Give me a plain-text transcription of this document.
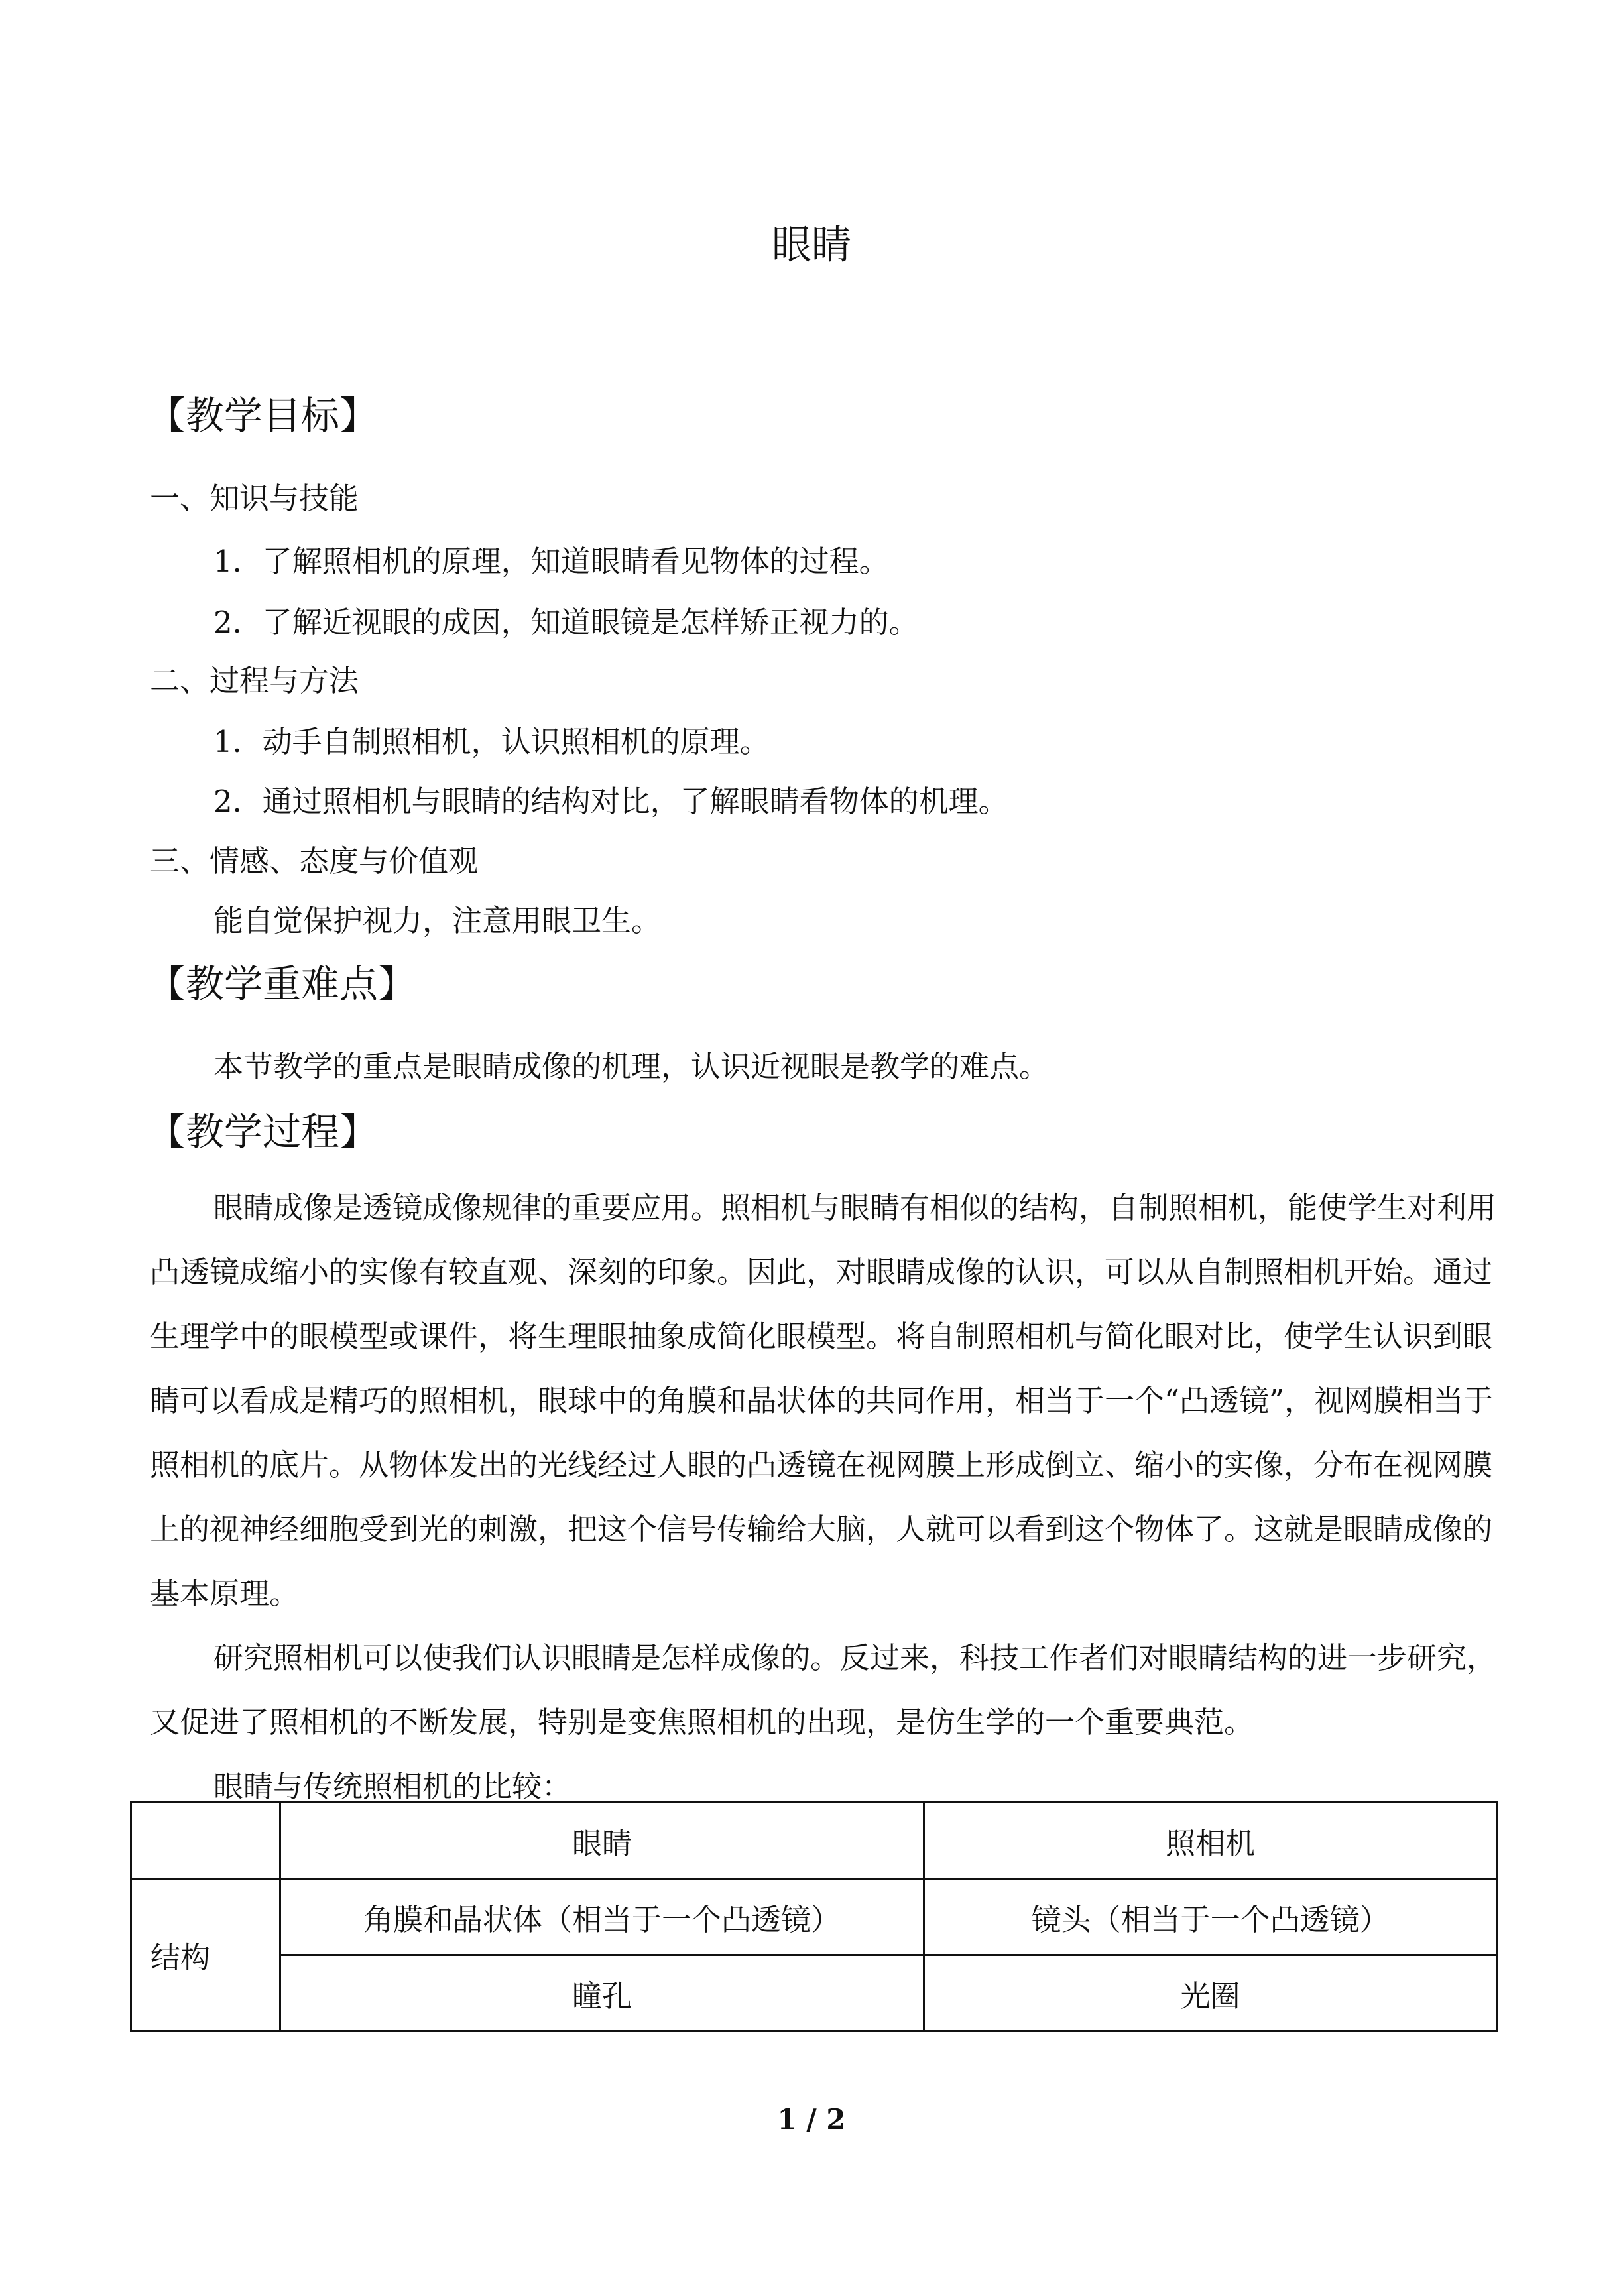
眼睛
【教学目标】
一、知识与技能
1．了解照相机的原理，知道眼睛看见物体的过程。
2．了解近视眼的成因，知道眼镜是怎样矫正视力的。
二、过程与方法
1．动手自制照相机，认识照相机的原理。
2．通过照相机与眼睛的结构对比，了解眼睛看物体的机理。
三、情感、态度与价值观
能自觉保护视力，注意用眼卫生。
【教学重难点】
本节教学的重点是眼睛成像的机理，认识近视眼是教学的难点。
【教学过程】

眼睛成像是透镜成像规律的重要应用。照相机与眼睛有相似的结构，自制照相机，能使学生对利用凸透镜成缩小的实像有较直观、深刻的印象。因此，对眼睛成像的认识，可以从自制照相机开始。通过生理学中的眼模型或课件，将生理眼抽象成简化眼模型。将自制照相机与简化眼对比，使学生认识到眼睛可以看成是精巧的照相机，眼球中的角膜和晶状体的共同作用，相当于一个“凸透镜”，视网膜相当于照相机的底片。从物体发出的光线经过人眼的凸透镜在视网膜上形成倒立、缩小的实像，分布在视网膜上的视神经细胞受到光的刺激，把这个信号传输给大脑，人就可以看到这个物体了。这就是眼睛成像的基本原理。

研究照相机可以使我们认识眼睛是怎样成像的。反过来，科技工作者们对眼睛结构的进一步研究，又促进了照相机的不断发展，特别是变焦照相机的出现，是仿生学的一个重要典范。

眼睛与传统照相机的比较：

	眼睛	照相机
结构	角膜和晶状体（相当于一个凸透镜）	镜头（相当于一个凸透镜）
	瞳孔	光圈
1 / 2
